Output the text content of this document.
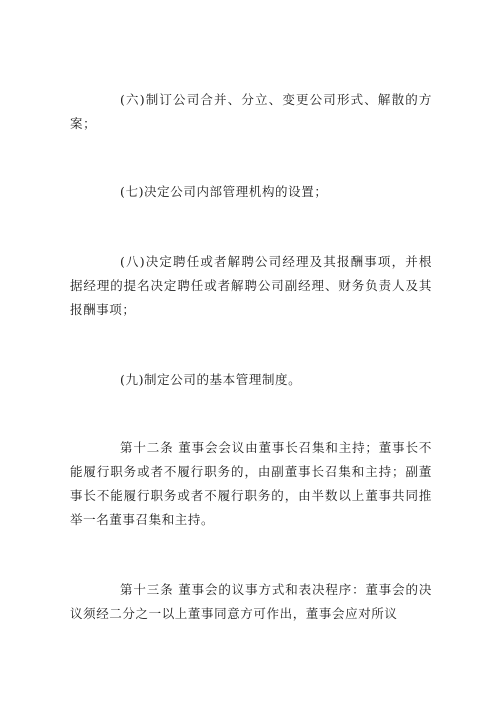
(六)制订公司合并、分立、变更公司形式、解散的方案；

(七)决定公司内部管理机构的设置；

(八)决定聘任或者解聘公司经理及其报酬事项，并根据经理的提名决定聘任或者解聘公司副经理、财务负责人及其报酬事项；

(九)制定公司的基本管理制度。

第十二条 董事会会议由董事长召集和主持；董事长不能履行职务或者不履行职务的，由副董事长召集和主持；副董事长不能履行职务或者不履行职务的，由半数以上董事共同推举一名董事召集和主持。

第十三条 董事会的议事方式和表决程序：董事会的决议须经二分之一以上董事同意方可作出，董事会应对所议
